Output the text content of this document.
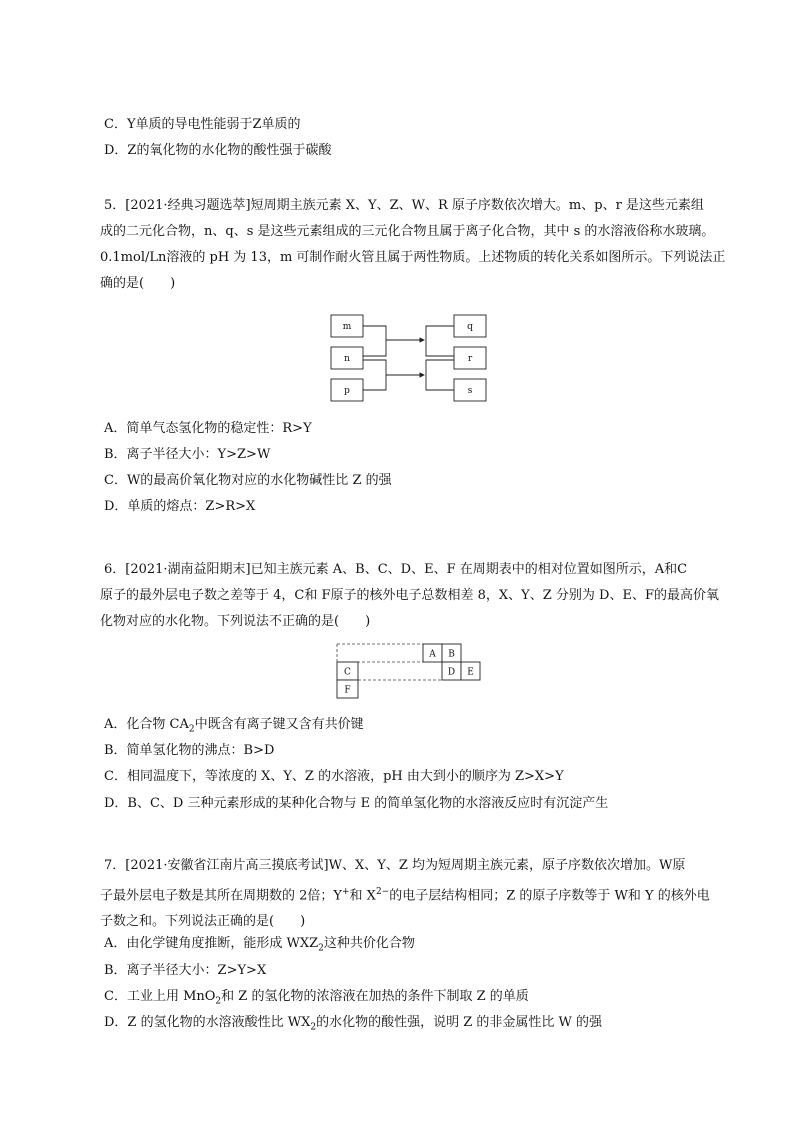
C．Y单质的导电性能弱于Z单质的
D．Z的氧化物的水化物的酸性强于碳酸
5．[2021·经典习题选萃]短周期主族元素 X、Y、Z、W、R 原子序数依次增大。m、p、r 是这些元素组
成的二元化合物，n、q、s 是这些元素组成的三元化合物且属于离子化合物，其中 s 的水溶液俗称水玻璃。
0.1mol/Ln溶液的 pH 为 13，m 可制作耐火管且属于两性物质。上述物质的转化关系如图所示。下列说法正
确的是(　　)
m
n
p
q
r
s
A．简单气态氢化物的稳定性：R>Y
B．离子半径大小：Y>Z>W
C．W的最高价氧化物对应的水化物碱性比 Z 的强
D．单质的熔点：Z>R>X
6．[2021·湖南益阳期末]已知主族元素 A、B、C、D、E、F 在周期表中的相对位置如图所示，A和C
原子的最外层电子数之差等于 4，C和 F原子的核外电子总数相差 8，X、Y、Z 分别为 D、E、F的最高价氧
化物对应的水化物。下列说法不正确的是(　　)
A B
C	D E
F
A．化合物 $CA_2$中既含有离子键又含有共价键
B．简单氢化物的沸点：B>D
C．相同温度下，等浓度的 X、Y、Z 的水溶液，pH 由大到小的顺序为 Z>X>Y
D．B、C、D 三种元素形成的某种化合物与 E 的简单氢化物的水溶液反应时有沉淀产生
7．[2021·安徽省江南片高三摸底考试]W、X、Y、Z 均为短周期主族元素，原子序数依次增加。W原
子最外层电子数是其所在周期数的 2倍；Y+和 $X^{2-}$的电子层结构相同；Z 的原子序数等于 W和 Y 的核外电
子数之和。下列说法正确的是(　　)
A．由化学键角度推断，能形成 $WXZ_2$这种共价化合物
B．离子半径大小：Z>Y>X
C．工业上用 MnO$_2$和 Z 的氢化物的浓溶液在加热的条件下制取 Z 的单质
D．Z 的氢化物的水溶液酸性比 $WX_2$的水化物的酸性强，说明 Z 的非金属性比 W 的强
